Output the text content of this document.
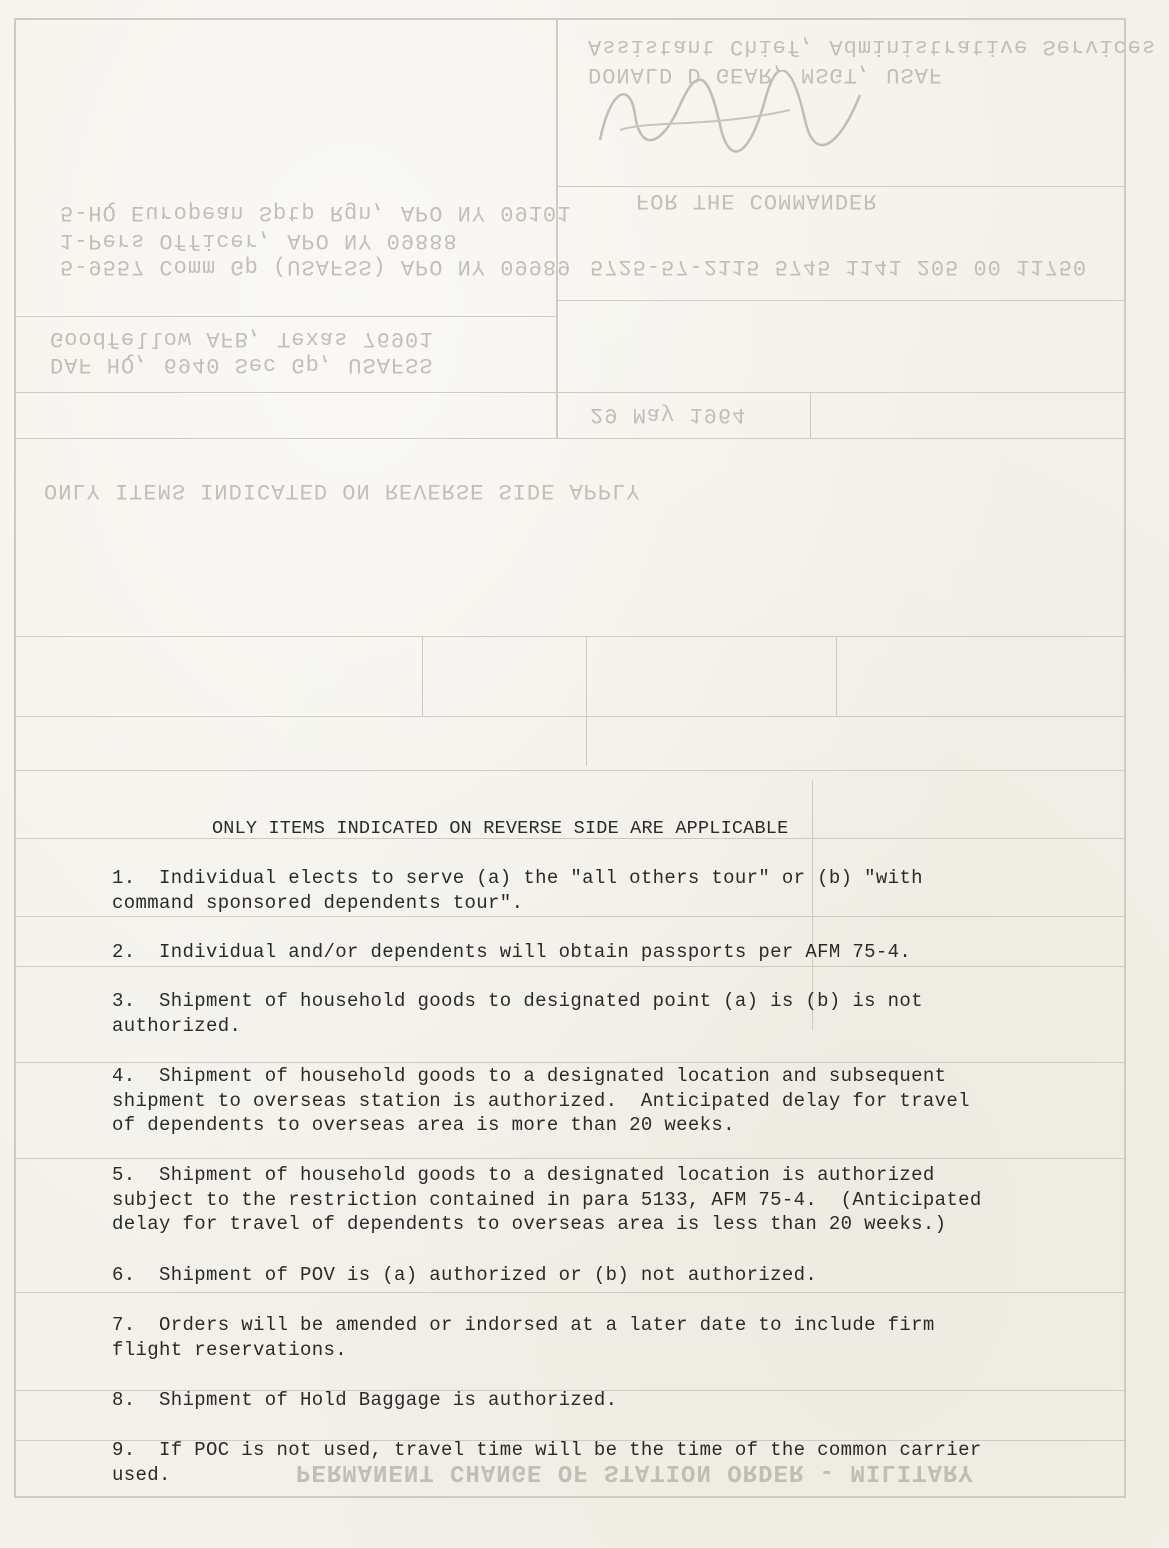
Assistant Chief, Administrative Services
DONALD D GEAR, MSGT, USAF
FOR THE COMMANDER
5-HQ European Sptp Rgn, APO NY 09101
1-Pers Officer, APO NY 09888
5-9557 Comm Gp (USAFSS) APO NY 09989 5725-57-2115 5745 1141 205 00 11750
Goodfellow AFB, Texas 76901
DAF HQ, 6940 Sec Gp, USAFSS
29 May 1964
ONLY ITEMS INDICATED ON REVERSE SIDE APPLY
PERMANENT CHANGE OF STATION ORDER - MILITARY
ONLY ITEMS INDICATED ON REVERSE SIDE ARE APPLICABLE
1.  Individual elects to serve (a) the "all others tour" or (b) "with
command sponsored dependents tour".
2.  Individual and/or dependents will obtain passports per AFM 75-4.
3.  Shipment of household goods to designated point (a) is (b) is not
authorized.
4.  Shipment of household goods to a designated location and subsequent
shipment to overseas station is authorized.  Anticipated delay for travel
of dependents to overseas area is more than 20 weeks.
5.  Shipment of household goods to a designated location is authorized
subject to the restriction contained in para 5133, AFM 75-4.  (Anticipated
delay for travel of dependents to overseas area is less than 20 weeks.)
6.  Shipment of POV is (a) authorized or (b) not authorized.
7.  Orders will be amended or indorsed at a later date to include firm
flight reservations.
8.  Shipment of Hold Baggage is authorized.
9.  If POC is not used, travel time will be the time of the common carrier
used.
